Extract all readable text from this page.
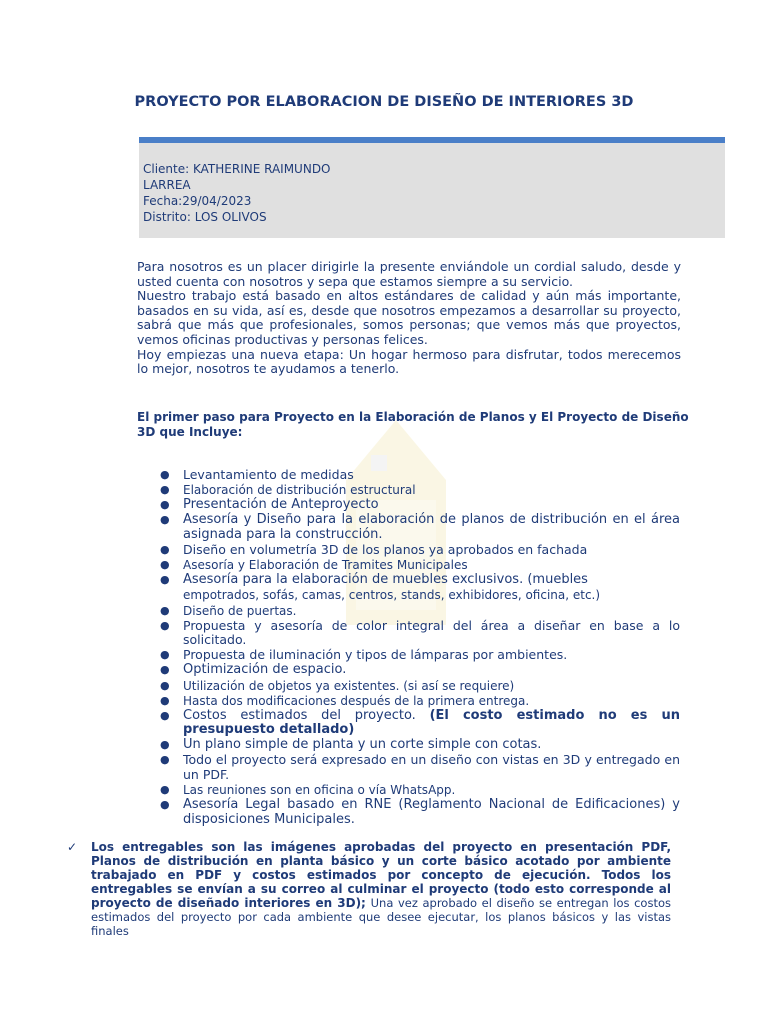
PROYECTO POR ELABORACION DE DISEÑO DE INTERIORES 3D
Cliente: KATHERINE RAIMUNDO
LARREA
Fecha:29/04/2023
Distrito: LOS OLIVOS

Para nosotros es un placer dirigirle la presente enviándole un cordial saludo, desde y usted cuenta con nosotros y sepa que estamos siempre a su servicio.

Nuestro trabajo está basado en altos estándares de calidad y aún más importante, basados en su vida, así es, desde que nosotros empezamos a desarrollar su proyecto, sabrá que más que profesionales, somos personas; que vemos más que proyectos, vemos oficinas productivas y personas felices.

Hoy empiezas una nueva etapa: Un hogar hermoso para disfrutar, todos merecemos lo mejor, nosotros te ayudamos a tenerlo.

El primer paso para Proyecto en la Elaboración de Planos y El Proyecto de Diseño 3D que Incluye:
● Levantamiento de medidas
● Elaboración de distribución estructural
● Presentación de Anteproyecto
● Asesoría y Diseño para la elaboración de planos de distribución en el área asignada para la construcción.
● Diseño en volumetría 3D de los planos ya aprobados en fachada
● Asesoría y Elaboración de Tramites Municipales
● Asesoría para la elaboración de muebles exclusivos. (muebles
empotrados, sofás, camas, centros, stands, exhibidores, oficina, etc.)
● Diseño de puertas.
● Propuesta y asesoría de color integral del área a diseñar en base a lo solicitado.
● Propuesta de iluminación y tipos de lámparas por ambientes.
● Optimización de espacio.
● Utilización de objetos ya existentes. (si así se requiere)
● Hasta dos modificaciones después de la primera entrega.
● Costos estimados del proyecto. (El costo estimado no es un presupuesto detallado)
● Un plano simple de planta y un corte simple con cotas.
● Todo el proyecto será expresado en un diseño con vistas en 3D y entregado en un PDF.
● Las reuniones son en oficina o vía WhatsApp.
● Asesoría Legal basado en RNE (Reglamento Nacional de Edificaciones) y disposiciones Municipales.
✓ Los entregables son las imágenes aprobadas del proyecto en presentación PDF, Planos de distribución en planta básico y un corte básico acotado por ambiente trabajado en PDF y costos estimados por concepto de ejecución. Todos los entregables se envían a su correo al culminar el proyecto (todo esto corresponde al proyecto de diseñado interiores en 3D); Una vez aprobado el diseño se entregan los costos estimados del proyecto por cada ambiente que desee ejecutar, los planos básicos y las vistas finales
